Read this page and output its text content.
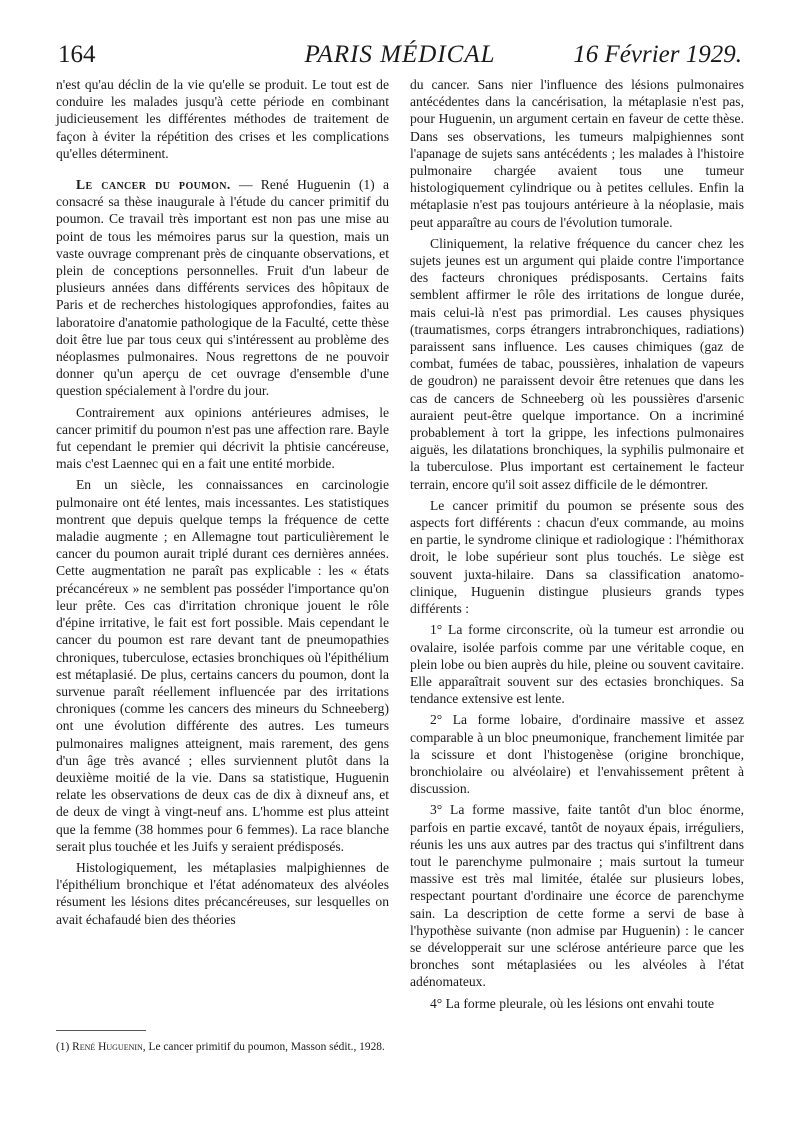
164	PARIS MÉDICAL	16 Février 1929.

n'est qu'au déclin de la vie qu'elle se produit. Le tout est de conduire les malades jusqu'à cette période en combinant judicieusement les différentes méthodes de traitement de façon à éviter la répétition des crises et les complications qu'elles déterminent.

Le cancer du poumon. — René Huguenin (1) a consacré sa thèse inaugurale à l'étude du cancer primitif du poumon. Ce travail très important est non pas une mise au point de tous les mémoires parus sur la question, mais un vaste ouvrage comprenant près de cinquante observations, et plein de conceptions personnelles. Fruit d'un labeur de plusieurs années dans différents services des hôpitaux de Paris et de recherches histologiques approfondies, faites au laboratoire d'anatomie pathologique de la Faculté, cette thèse doit être lue par tous ceux qui s'intéressent au problème des néoplasmes pulmonaires. Nous regrettons de ne pouvoir donner qu'un aperçu de cet ouvrage d'ensemble d'une question spécialement à l'ordre du jour.

Contrairement aux opinions antérieures admises, le cancer primitif du poumon n'est pas une affection rare. Bayle fut cependant le premier qui décrivit la phtisie cancéreuse, mais c'est Laennec qui en a fait une entité morbide.

En un siècle, les connaissances en carcinologie pulmonaire ont été lentes, mais incessantes. Les statistiques montrent que depuis quelque temps la fréquence de cette maladie augmente ; en Allemagne tout particulièrement le cancer du poumon aurait triplé durant ces dernières années. Cette augmentation ne paraît pas explicable : les « états précancéreux » ne semblent pas posséder l'importance qu'on leur prête. Ces cas d'irritation chronique jouent le rôle d'épine irritative, le fait est fort possible. Mais cependant le cancer du poumon est rare devant tant de pneumopathies chroniques, tuberculose, ectasies bronchiques où l'épithélium est métaplasié. De plus, certains cancers du poumon, dont la survenue paraît réellement influencée par des irritations chroniques (comme les cancers des mineurs du Schneeberg) ont une évolution différente des autres. Les tumeurs pulmonaires malignes atteignent, mais rarement, des gens d'un âge très avancé ; elles surviennent plutôt dans la deuxième moitié de la vie. Dans sa statistique, Huguenin relate les observations de deux cas de dix à dixneuf ans, et de deux de vingt à vingt-neuf ans. L'homme est plus atteint que la femme (38 hommes pour 6 femmes). La race blanche serait plus touchée et les Juifs y seraient prédisposés.

Histologiquement, les métaplasies malpighiennes de l'épithélium bronchique et l'état adénomateux des alvéoles résument les lésions dites précancéreuses, sur lesquelles on avait échafaudé bien des théories

du cancer. Sans nier l'influence des lésions pulmonaires antécédentes dans la cancérisation, la métaplasie n'est pas, pour Huguenin, un argument certain en faveur de cette thèse. Dans ses observations, les tumeurs malpighiennes sont l'apanage de sujets sans antécédents ; les malades à l'histoire pulmonaire chargée avaient tous une tumeur histologiquement cylindrique ou à petites cellules. Enfin la métaplasie n'est pas toujours antérieure à la néoplasie, mais peut apparaître au cours de l'évolution tumorale.

Cliniquement, la relative fréquence du cancer chez les sujets jeunes est un argument qui plaide contre l'importance des facteurs chroniques prédisposants. Certains faits semblent affirmer le rôle des irritations de longue durée, mais celui-là n'est pas primordial. Les causes physiques (traumatismes, corps étrangers intrabronchiques, radiations) paraissent sans influence. Les causes chimiques (gaz de combat, fumées de tabac, poussières, inhalation de vapeurs de goudron) ne paraissent devoir être retenues que dans les cas de cancers de Schneeberg où les poussières d'arsenic auraient peut-être quelque importance. On a incriminé probablement à tort la grippe, les infections pulmonaires aiguës, les dilatations bronchiques, la syphilis pulmonaire et la tuberculose. Plus important est certainement le facteur terrain, encore qu'il soit assez difficile de le démontrer.

Le cancer primitif du poumon se présente sous des aspects fort différents : chacun d'eux commande, au moins en partie, le syndrome clinique et radiologique : l'hémithorax droit, le lobe supérieur sont plus touchés. Le siège est souvent juxta-hilaire. Dans sa classification anatomo-clinique, Huguenin distingue plusieurs grands types différents :

1° La forme circonscrite, où la tumeur est arrondie ou ovalaire, isolée parfois comme par une véritable coque, en plein lobe ou bien auprès du hile, pleine ou souvent cavitaire. Elle apparaîtrait souvent sur des ectasies bronchiques. Sa tendance extensive est lente.

2° La forme lobaire, d'ordinaire massive et assez comparable à un bloc pneumonique, franchement limitée par la scissure et dont l'histogenèse (origine bronchique, bronchiolaire ou alvéolaire) et l'envahissement prêtent à discussion.

3° La forme massive, faite tantôt d'un bloc énorme, parfois en partie excavé, tantôt de noyaux épais, irréguliers, réunis les uns aux autres par des tractus qui s'infiltrent dans tout le parenchyme pulmonaire ; mais surtout la tumeur massive est très mal limitée, étalée sur plusieurs lobes, respectant pourtant d'ordinaire une écorce de parenchyme sain. La description de cette forme a servi de base à l'hypothèse suivante (non admise par Huguenin) : le cancer se développerait sur une sclérose antérieure parce que les bronches sont métaplasiées ou les alvéoles à l'état adénomateux.

4° La forme pleurale, où les lésions ont envahi toute

(1) René Huguenin, Le cancer primitif du poumon, Masson sédit., 1928.
